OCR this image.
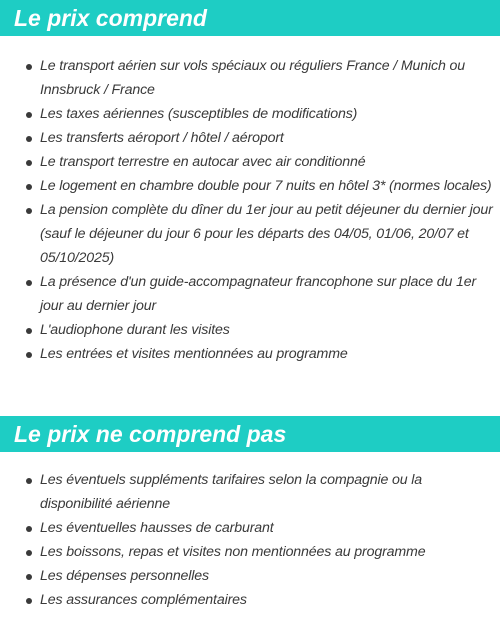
Le prix comprend
Le transport aérien sur vols spéciaux ou réguliers France / Munich ou Innsbruck / France
Les taxes aériennes (susceptibles de modifications)
Les transferts aéroport / hôtel / aéroport
Le transport terrestre en autocar avec air conditionné
Le logement en chambre double pour 7 nuits en hôtel 3* (normes locales)
La pension complète du dîner du 1er jour au petit déjeuner du dernier jour (sauf le déjeuner du jour 6 pour les départs des 04/05, 01/06, 20/07 et 05/10/2025)
La présence d'un guide-accompagnateur francophone sur place du 1er jour au dernier jour
L'audiophone durant les visites
Les entrées et visites mentionnées au programme
Le prix ne comprend pas
Les éventuels suppléments tarifaires selon la compagnie ou la disponibilité aérienne
Les éventuelles hausses de carburant
Les boissons, repas et visites non mentionnées au programme
Les dépenses personnelles
Les assurances complémentaires
